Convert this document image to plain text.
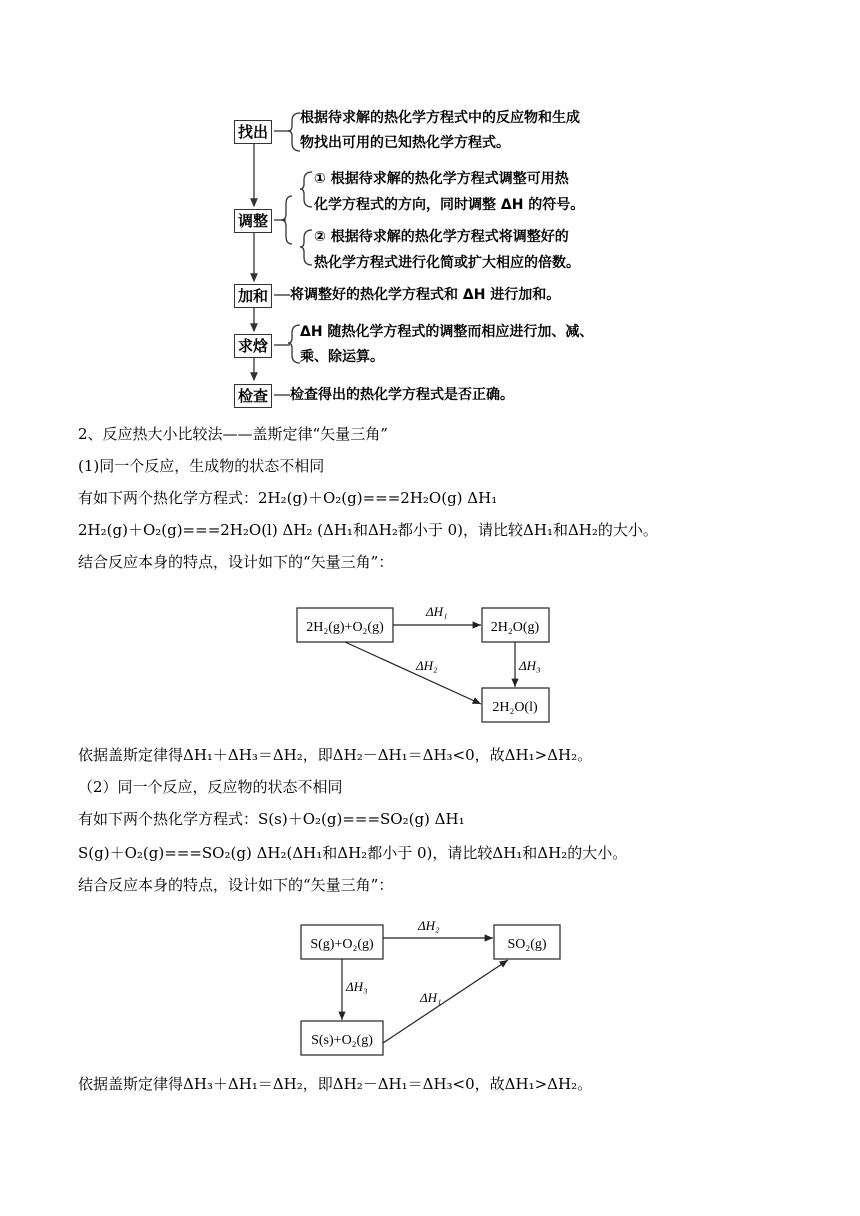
找出
根据待求解的热化学方程式中的反应物和生成
物找出可用的已知热化学方程式。
调整
① 根据待求解的热化学方程式调整可用热
化学方程式的方向，同时调整 ΔH 的符号。
② 根据待求解的热化学方程式将调整好的
热化学方程式进行化简或扩大相应的倍数。
加和 将调整好的热化学方程式和 ΔH 进行加和。
求焓
ΔH 随热化学方程式的调整而相应进行加、减、
乘、除运算。
检查 检查得出的热化学方程式是否正确。
2、反应热大小比较法——盖斯定律“矢量三角”
(1)同一个反应，生成物的状态不相同
有如下两个热化学方程式：2H₂(g)＋O₂(g)===2H₂O(g) ΔH₁
2H₂(g)＋O₂(g)===2H₂O(l) ΔH₂ (ΔH₁和ΔH₂都小于 0)，请比较ΔH₁和ΔH₂的大小。
结合反应本身的特点，设计如下的“矢量三角”：
2H₂(g)+O₂(g)	2H₂O(g)
2H₂O(l)
ΔH₁
ΔH₂	ΔH₃
依据盖斯定律得ΔH₁＋ΔH₃＝ΔH₂，即ΔH₂－ΔH₁＝ΔH₃<0，故ΔH₁>ΔH₂。
（2）同一个反应，反应物的状态不相同
有如下两个热化学方程式：S(s)＋O₂(g)===SO₂(g) ΔH₁
S(g)＋O₂(g)===SO₂(g) ΔH₂(ΔH₁和ΔH₂都小于 0)，请比较ΔH₁和ΔH₂的大小。
结合反应本身的特点，设计如下的“矢量三角”：
S(g)+O₂(g)	SO₂(g)
S(s)+O₂(g)
ΔH₂
ΔH₃
ΔH₁
依据盖斯定律得ΔH₃＋ΔH₁＝ΔH₂，即ΔH₂－ΔH₁＝ΔH₃<0，故ΔH₁>ΔH₂。
